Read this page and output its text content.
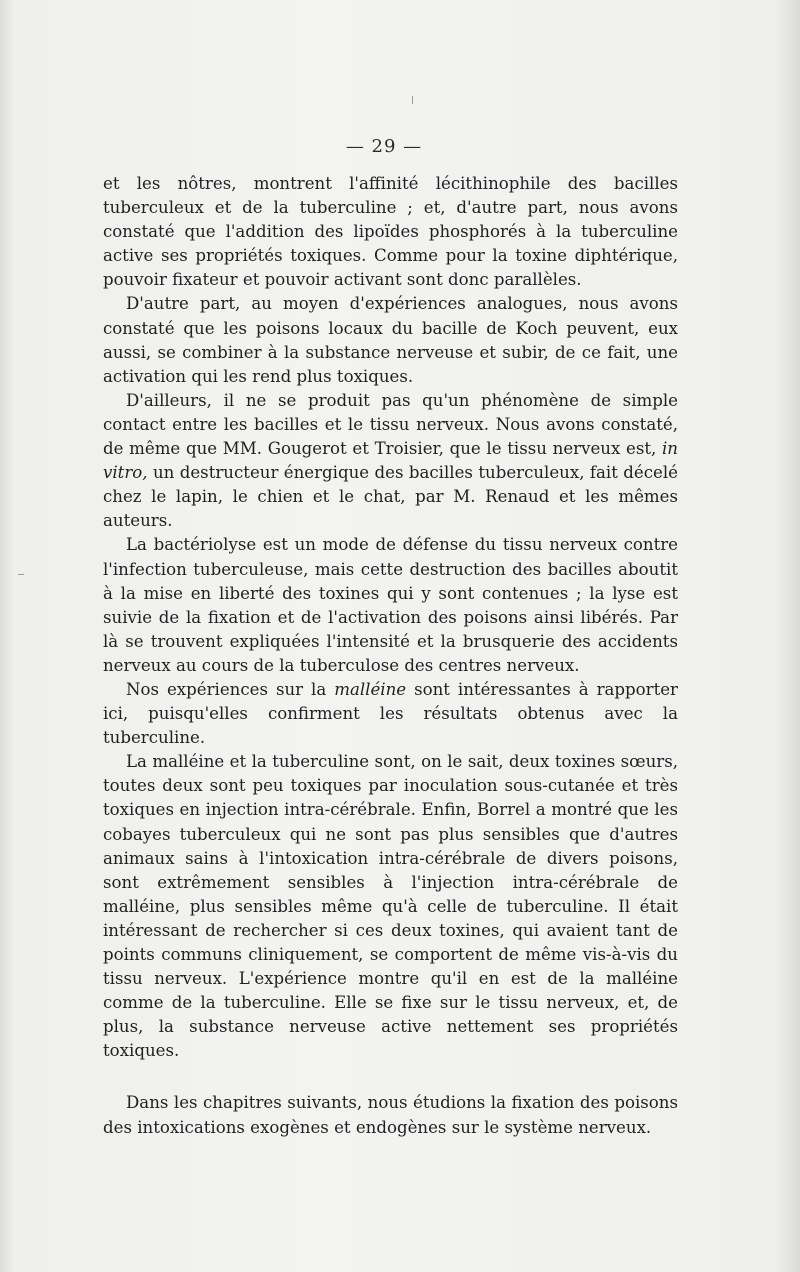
— 29 —

et les nôtres, montrent l'affinité lécithinophile des bacilles tuberculeux et de la tuberculine ; et, d'autre part, nous avons constaté que l'addition des lipoïdes phosphorés à la tuberculine active ses propriétés toxiques. Comme pour la toxine diphtérique, pouvoir fixateur et pouvoir activant sont donc parallèles.

D'autre part, au moyen d'expériences analogues, nous avons constaté que les poisons locaux du bacille de Koch peuvent, eux aussi, se combiner à la substance nerveuse et subir, de ce fait, une activation qui les rend plus toxiques.

D'ailleurs, il ne se produit pas qu'un phénomène de simple contact entre les bacilles et le tissu nerveux. Nous avons constaté, de même que MM. Gougerot et Troisier, que le tissu nerveux est, in vitro, un destructeur énergique des bacilles tuberculeux, fait décelé chez le lapin, le chien et le chat, par M. Renaud et les mêmes auteurs.

La bactériolyse est un mode de défense du tissu nerveux contre l'infection tuberculeuse, mais cette destruction des bacilles aboutit à la mise en liberté des toxines qui y sont contenues ; la lyse est suivie de la fixation et de l'activation des poisons ainsi libérés. Par là se trouvent expliquées l'intensité et la brusquerie des accidents nerveux au cours de la tuberculose des centres nerveux.

Nos expériences sur la malléine sont intéressantes à rapporter ici, puisqu'elles confirment les résultats obtenus avec la tuberculine.

La malléine et la tuberculine sont, on le sait, deux toxines sœurs, toutes deux sont peu toxiques par inoculation sous-cutanée et très toxiques en injection intra-cérébrale. Enfin, Borrel a montré que les cobayes tuberculeux qui ne sont pas plus sensibles que d'autres animaux sains à l'intoxication intra-cérébrale de divers poisons, sont extrêmement sensibles à l'injection intra-cérébrale de malléine, plus sensibles même qu'à celle de tuberculine. Il était intéressant de rechercher si ces deux toxines, qui avaient tant de points communs cliniquement, se comportent de même vis-à-vis du tissu nerveux. L'expérience montre qu'il en est de la malléine comme de la tuberculine. Elle se fixe sur le tissu nerveux, et, de plus, la substance nerveuse active nettement ses propriétés toxiques.

Dans les chapitres suivants, nous étudions la fixation des poisons des intoxications exogènes et endogènes sur le système nerveux.
